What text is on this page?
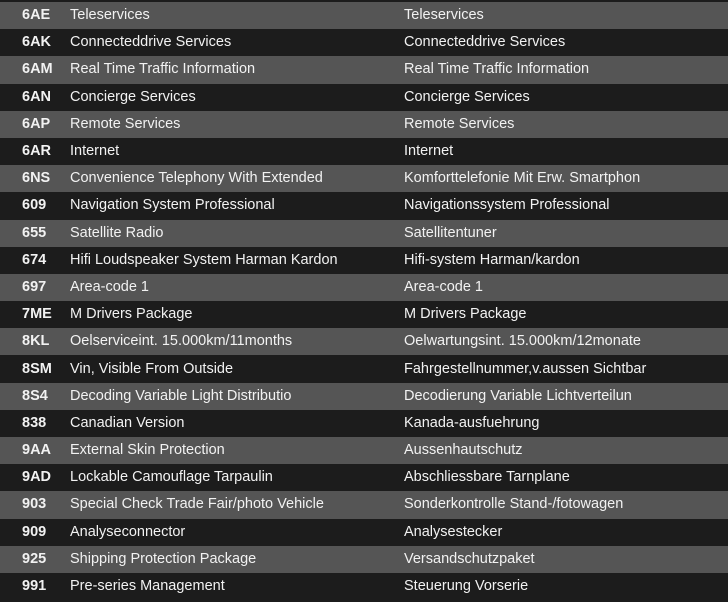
6AE	Teleservices	Teleservices
6AK	Connecteddrive Services	Connecteddrive Services
6AM	Real Time Traffic Information	Real Time Traffic Information
6AN	Concierge Services	Concierge Services
6AP	Remote Services	Remote Services
6AR	Internet	Internet
6NS	Convenience Telephony With Extended	Komforttelefonie Mit Erw. Smartphon
609	Navigation System Professional	Navigationssystem Professional
655	Satellite Radio	Satellitentuner
674	Hifi Loudspeaker System Harman Kardon	Hifi-system Harman/kardon
697	Area-code 1	Area-code 1
7ME	M Drivers Package	M Drivers Package
8KL	Oelserviceint. 15.000km/11months	Oelwartungsint. 15.000km/12monate
8SM	Vin, Visible From Outside	Fahrgestellnummer,v.aussen Sichtbar
8S4	Decoding Variable Light Distributio	Decodierung Variable Lichtverteilun
838	Canadian Version	Kanada-ausfuehrung
9AA	External Skin Protection	Aussenhautschutz
9AD	Lockable Camouflage Tarpaulin	Abschliessbare Tarnplane
903	Special Check Trade Fair/photo Vehicle	Sonderkontrolle Stand-/fotowagen
909	Analyseconnector	Analysestecker
925	Shipping Protection Package	Versandschutzpaket
991	Pre-series Management	Steuerung Vorserie
